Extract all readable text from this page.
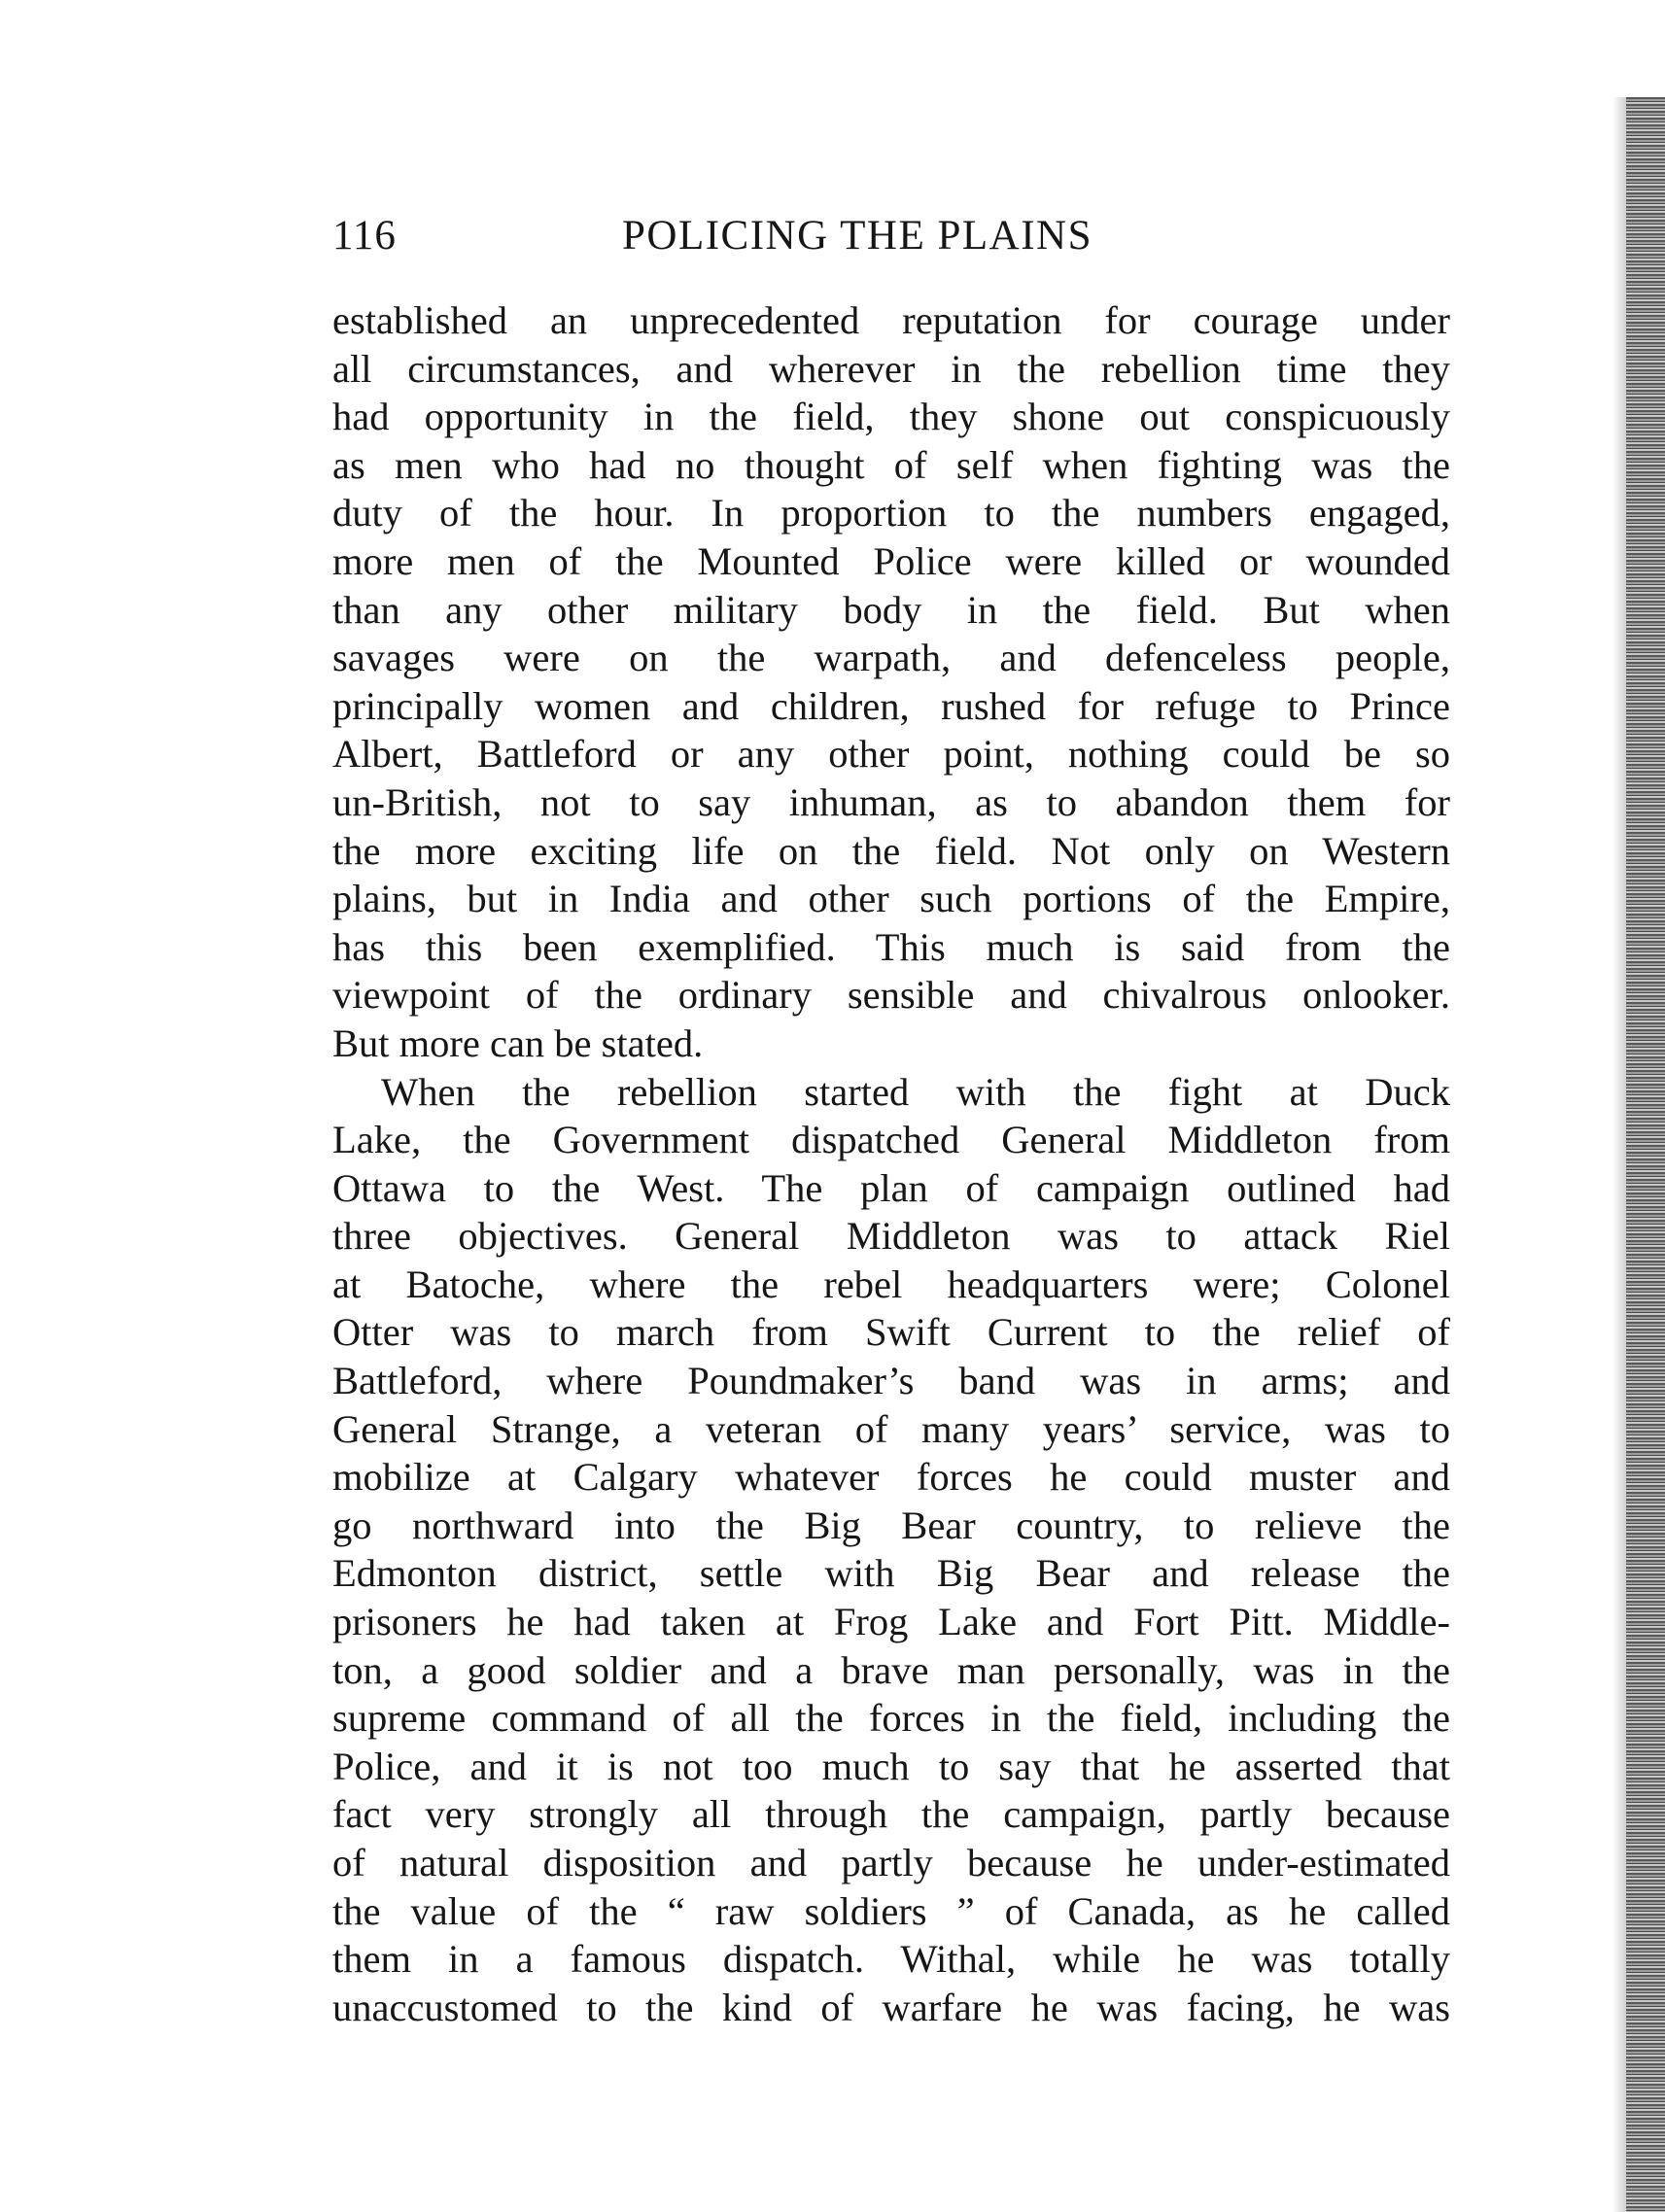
116	POLICING THE PLAINS
established an unprecedented reputation for courage under
all circumstances, and wherever in the rebellion time they
had opportunity in the field, they shone out conspicuously
as men who had no thought of self when fighting was the
duty of the hour. In proportion to the numbers engaged,
more men of the Mounted Police were killed or wounded
than any other military body in the field. But when
savages were on the warpath, and defenceless people,
principally women and children, rushed for refuge to Prince
Albert, Battleford or any other point, nothing could be so
un-British, not to say inhuman, as to abandon them for
the more exciting life on the field. Not only on Western
plains, but in India and other such portions of the Empire,
has this been exemplified. This much is said from the
viewpoint of the ordinary sensible and chivalrous onlooker.
But more can be stated.
When the rebellion started with the fight at Duck
Lake, the Government dispatched General Middleton from
Ottawa to the West. The plan of campaign outlined had
three objectives. General Middleton was to attack Riel
at Batoche, where the rebel headquarters were; Colonel
Otter was to march from Swift Current to the relief of
Battleford, where Poundmaker’s band was in arms; and
General Strange, a veteran of many years’ service, was to
mobilize at Calgary whatever forces he could muster and
go northward into the Big Bear country, to relieve the
Edmonton district, settle with Big Bear and release the
prisoners he had taken at Frog Lake and Fort Pitt. Middle-
ton, a good soldier and a brave man personally, was in the
supreme command of all the forces in the field, including the
Police, and it is not too much to say that he asserted that
fact very strongly all through the campaign, partly because
of natural disposition and partly because he under-estimated
the value of the “ raw soldiers ” of Canada, as he called
them in a famous dispatch. Withal, while he was totally
unaccustomed to the kind of warfare he was facing, he was
